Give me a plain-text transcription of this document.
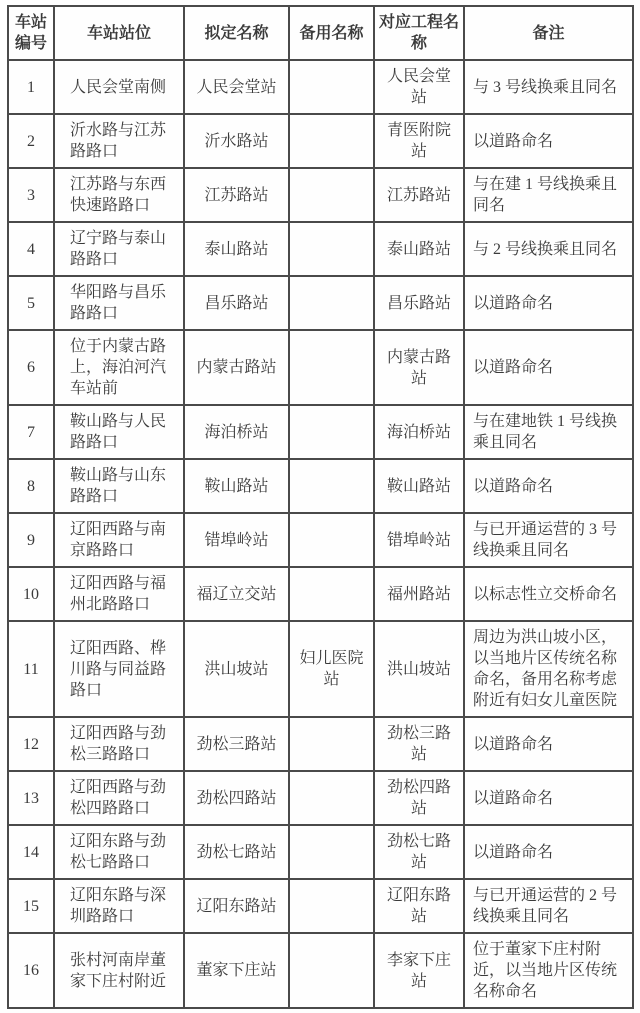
车站编号	车站站位	拟定名称	备用名称	对应工程名称	备注
1	人民会堂南侧	人民会堂站		人民会堂站	与 3 号线换乘且同名
2	沂水路与江苏路路口	沂水路站		青医附院站	以道路命名
3	江苏路与东西快速路路口	江苏路站		江苏路站	与在建 1 号线换乘且同名
4	辽宁路与泰山路路口	泰山路站		泰山路站	与 2 号线换乘且同名
5	华阳路与昌乐路路口	昌乐路站		昌乐路站	以道路命名
6	位于内蒙古路上，海泊河汽车站前	内蒙古路站		内蒙古路站	以道路命名
7	鞍山路与人民路路口	海泊桥站		海泊桥站	与在建地铁 1 号线换乘且同名
8	鞍山路与山东路路口	鞍山路站		鞍山路站	以道路命名
9	辽阳西路与南京路路口	错埠岭站		错埠岭站	与已开通运营的 3 号线换乘且同名
10	辽阳西路与福州北路路口	福辽立交站		福州路站	以标志性立交桥命名
11	辽阳西路、桦川路与同益路路口	洪山坡站	妇儿医院站	洪山坡站	周边为洪山坡小区，以当地片区传统名称命名，备用名称考虑附近有妇女儿童医院
12	辽阳西路与劲松三路路口	劲松三路站		劲松三路站	以道路命名
13	辽阳西路与劲松四路路口	劲松四路站		劲松四路站	以道路命名
14	辽阳东路与劲松七路路口	劲松七路站		劲松七路站	以道路命名
15	辽阳东路与深圳路路口	辽阳东路站		辽阳东路站	与已开通运营的 2 号线换乘且同名
16	张村河南岸董家下庄村附近	董家下庄站		李家下庄站	位于董家下庄村附近，以当地片区传统名称命名
